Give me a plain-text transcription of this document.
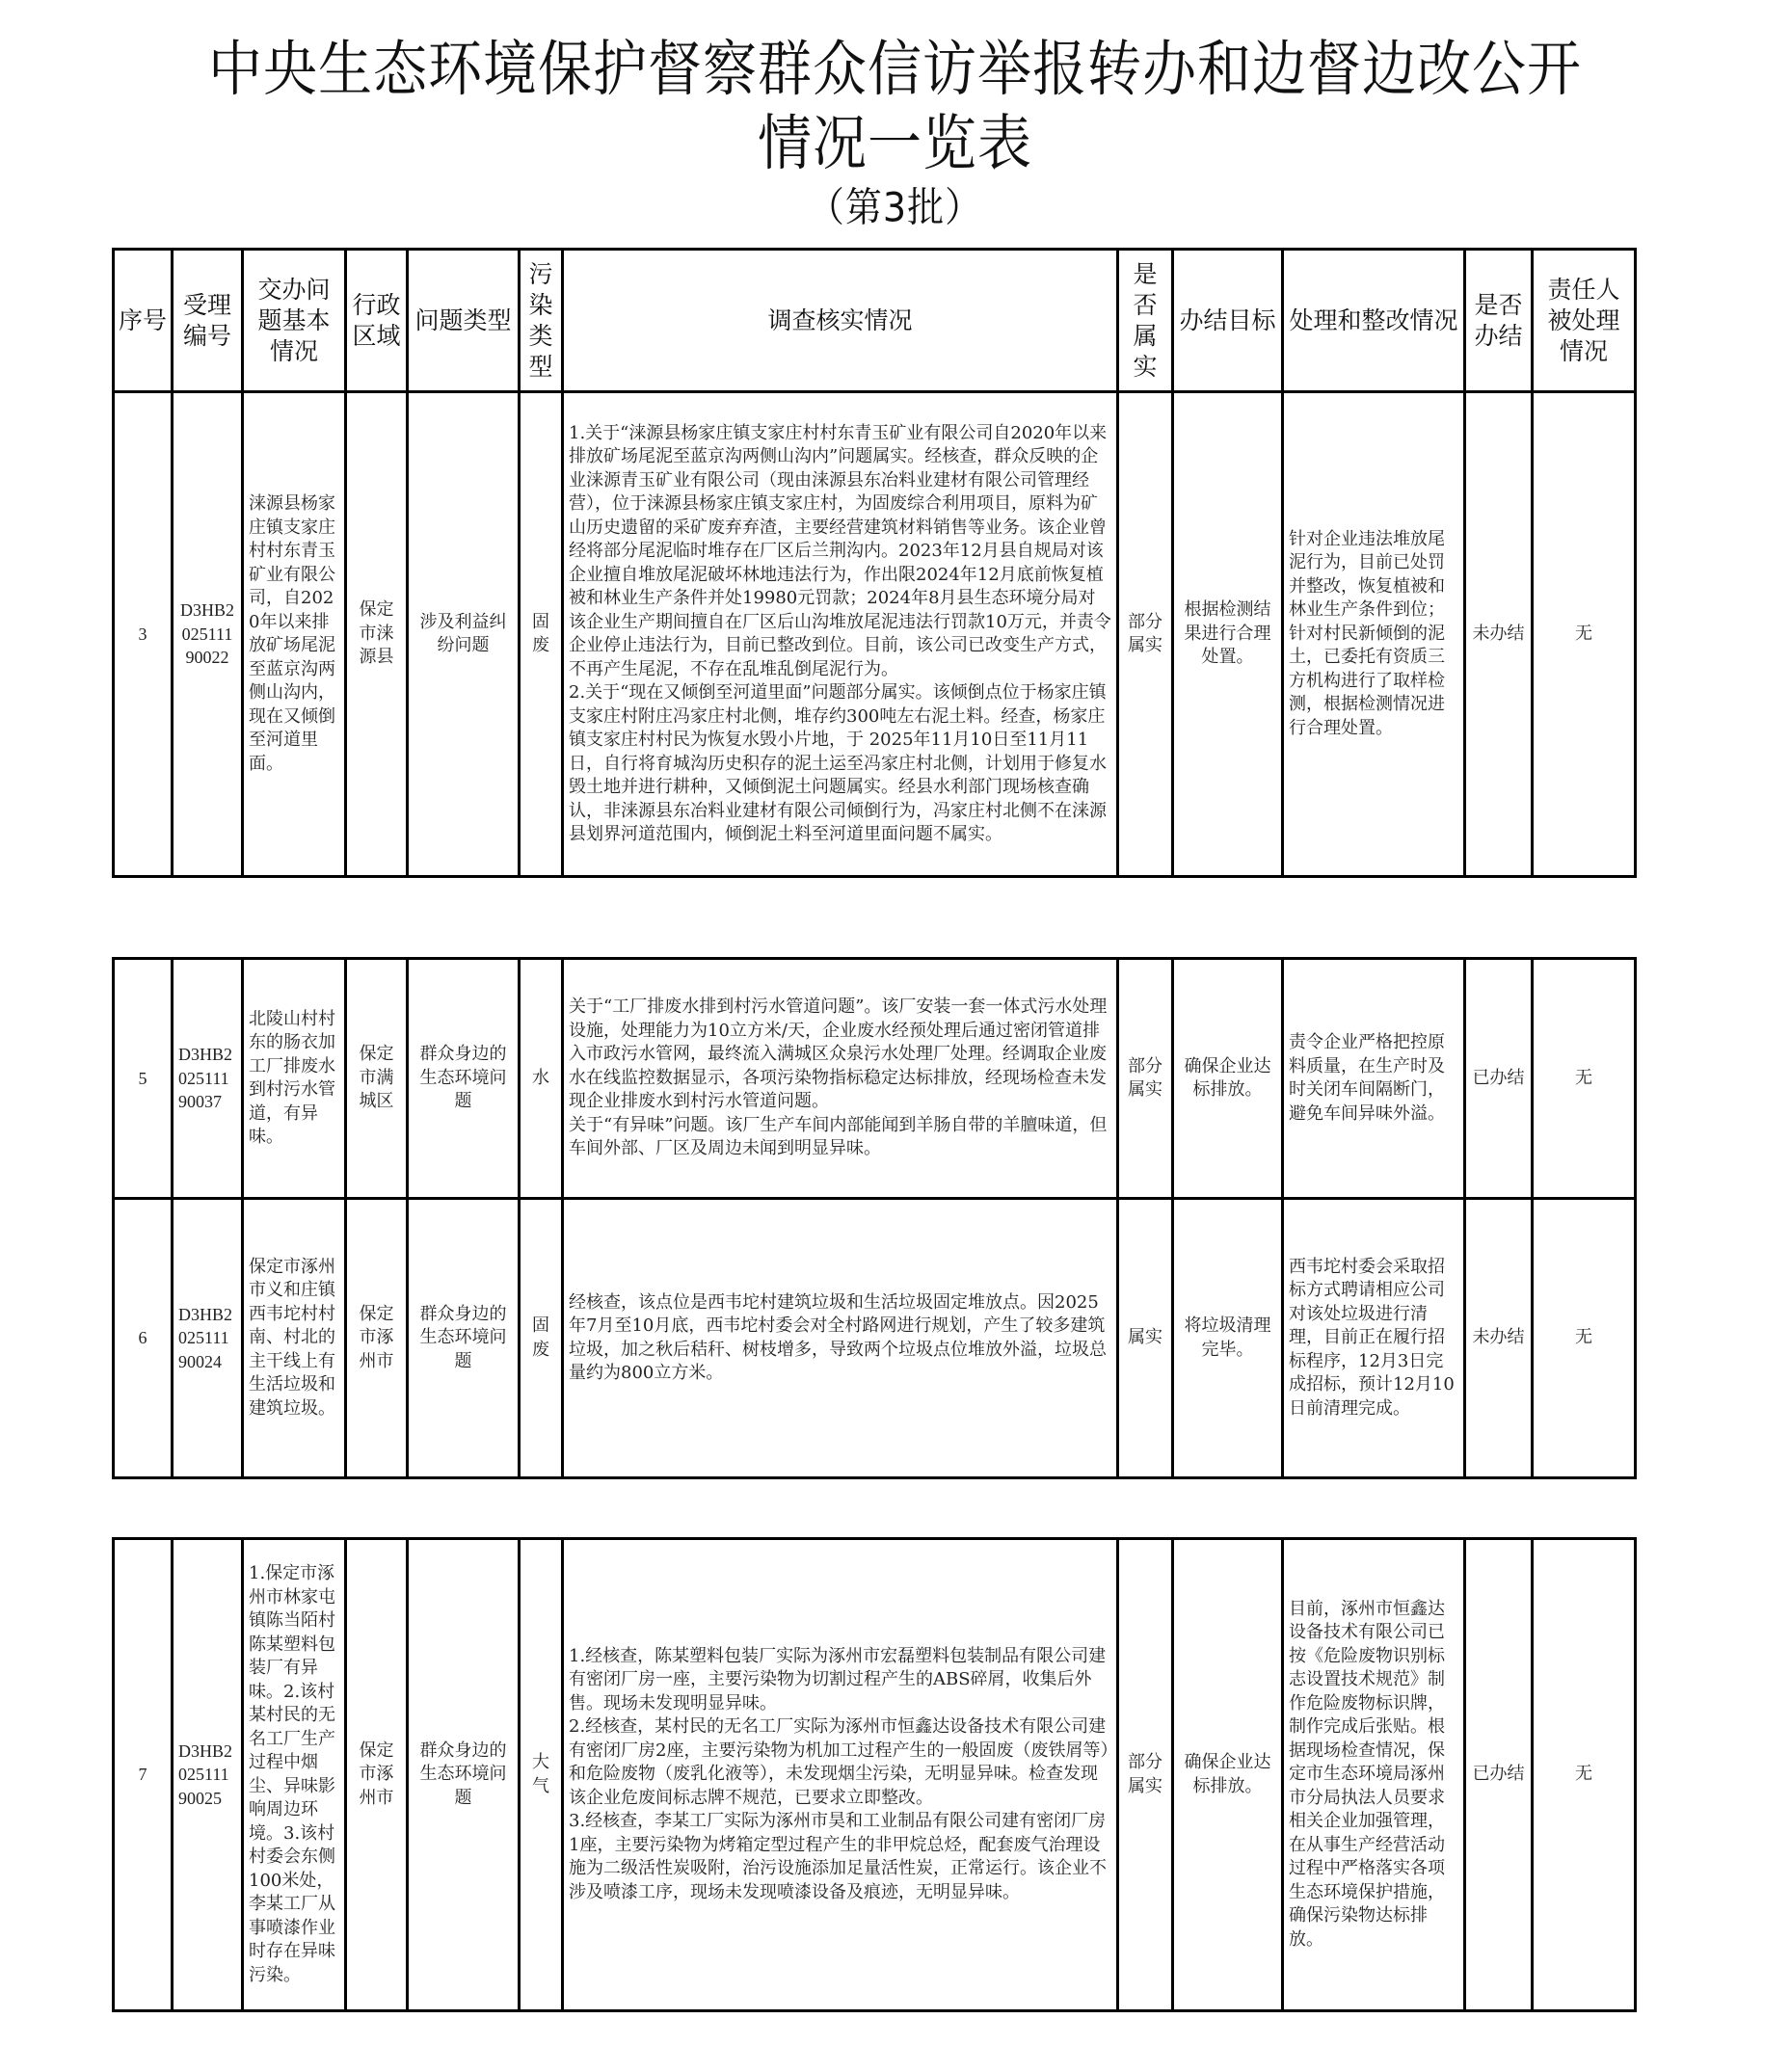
中央生态环境保护督察群众信访举报转办和边督边改公开
情况一览表
（第3批）
序号	受理编号	交办问题基本情况	行政区域	问题类型	污染类型	调查核实情况	是否属实	办结目标	处理和整改情况	是否办结	责任人被处理情况
3	D3HB202511190022	涞源县杨家庄镇支家庄村村东青玉矿业有限公司，自2020年以来排放矿场尾泥至蓝京沟两侧山沟内，现在又倾倒至河道里面。	保定市涞源县	涉及利益纠纷问题	固废	1.关于“涞源县杨家庄镇支家庄村村东青玉矿业有限公司自2020年以来排放矿场尾泥至蓝京沟两侧山沟内”问题属实。经核查，群众反映的企业涞源青玉矿业有限公司（现由涞源县东冶料业建材有限公司管理经营），位于涞源县杨家庄镇支家庄村，为固废综合利用项目，原料为矿山历史遗留的采矿废弃弃渣，主要经营建筑材料销售等业务。该企业曾经将部分尾泥临时堆存在厂区后兰荆沟内。2023年12月县自规局对该企业擅自堆放尾泥破坏林地违法行为，作出限2024年12月底前恢复植被和林业生产条件并处19980元罚款；2024年8月县生态环境分局对该企业生产期间擅自在厂区后山沟堆放尾泥违法行罚款10万元，并责令企业停止违法行为，目前已整改到位。目前，该公司已改变生产方式，不再产生尾泥，不存在乱堆乱倒尾泥行为。
2.关于“现在又倾倒至河道里面”问题部分属实。该倾倒点位于杨家庄镇支家庄村附庄冯家庄村北侧，堆存约300吨左右泥土料。经查，杨家庄镇支家庄村村民为恢复水毁小片地，于 2025年11月10日至11月11日，自行将育城沟历史积存的泥土运至冯家庄村北侧，计划用于修复水毁土地并进行耕种，又倾倒泥土问题属实。经县水利部门现场核查确认，非涞源县东冶料业建材有限公司倾倒行为，冯家庄村北侧不在涞源县划界河道范围内，倾倒泥土料至河道里面问题不属实。	部分属实	根据检测结果进行合理处置。	针对企业违法堆放尾泥行为，目前已处罚并整改，恢复植被和林业生产条件到位；针对村民新倾倒的泥土，已委托有资质三方机构进行了取样检测，根据检测情况进行合理处置。	未办结	无
5	D3HB202511190037	北陵山村村东的肠衣加工厂排废水到村污水管道，有异味。	保定市满城区	群众身边的生态环境问题	水	关于“工厂排废水排到村污水管道问题”。该厂安装一套一体式污水处理设施，处理能力为10立方米/天，企业废水经预处理后通过密闭管道排入市政污水管网，最终流入满城区众泉污水处理厂处理。经调取企业废水在线监控数据显示，各项污染物指标稳定达标排放，经现场检查未发现企业排废水到村污水管道问题。
关于“有异味”问题。该厂生产车间内部能闻到羊肠自带的羊膻味道，但车间外部、厂区及周边未闻到明显异味。	部分属实	确保企业达标排放。	责令企业严格把控原料质量，在生产时及时关闭车间隔断门，避免车间异味外溢。	已办结	无
6	D3HB202511190024	保定市涿州市义和庄镇西韦坨村村南、村北的主干线上有生活垃圾和建筑垃圾。	保定市涿州市	群众身边的生态环境问题	固废	经核查，该点位是西韦坨村建筑垃圾和生活垃圾固定堆放点。因2025年7月至10月底，西韦坨村委会对全村路网进行规划，产生了较多建筑垃圾，加之秋后秸秆、树枝增多，导致两个垃圾点位堆放外溢，垃圾总量约为800立方米。	属实	将垃圾清理完毕。	西韦坨村委会采取招标方式聘请相应公司对该处垃圾进行清理，目前正在履行招标程序，12月3日完成招标，预计12月10日前清理完成。	未办结	无
7	D3HB202511190025	1.保定市涿州市林家屯镇陈当陌村陈某塑料包装厂有异味。2.该村某村民的无名工厂生产过程中烟尘、异味影响周边环境。3.该村村委会东侧100米处，李某工厂从事喷漆作业时存在异味污染。	保定市涿州市	群众身边的生态环境问题	大气	
1.经核查，陈某塑料包装厂实际为涿州市宏磊塑料包装制品有限公司建有密闭厂房一座，主要污染物为切割过程产生的ABS碎屑，收集后外售。现场未发现明显异味。
2.经核查，某村民的无名工厂实际为涿州市恒鑫达设备技术有限公司建有密闭厂房2座，主要污染物为机加工过程产生的一般固废（废铁屑等）和危险废物（废乳化液等），未发现烟尘污染，无明显异味。检查发现该企业危废间标志牌不规范，已要求立即整改。
3.经核查，李某工厂实际为涿州市昊和工业制品有限公司建有密闭厂房1座，主要污染物为烤箱定型过程产生的非甲烷总烃，配套废气治理设施为二级活性炭吸附，治污设施添加足量活性炭，正常运行。该企业不涉及喷漆工序，现场未发现喷漆设备及痕迹，无明显异味。
	部分属实	确保企业达标排放。	目前，涿州市恒鑫达设备技术有限公司已按《危险废物识别标志设置技术规范》制作危险废物标识牌，制作完成后张贴。根据现场检查情况，保定市生态环境局涿州市分局执法人员要求相关企业加强管理，在从事生产经营活动过程中严格落实各项生态环境保护措施，确保污染物达标排放。	已办结	无
